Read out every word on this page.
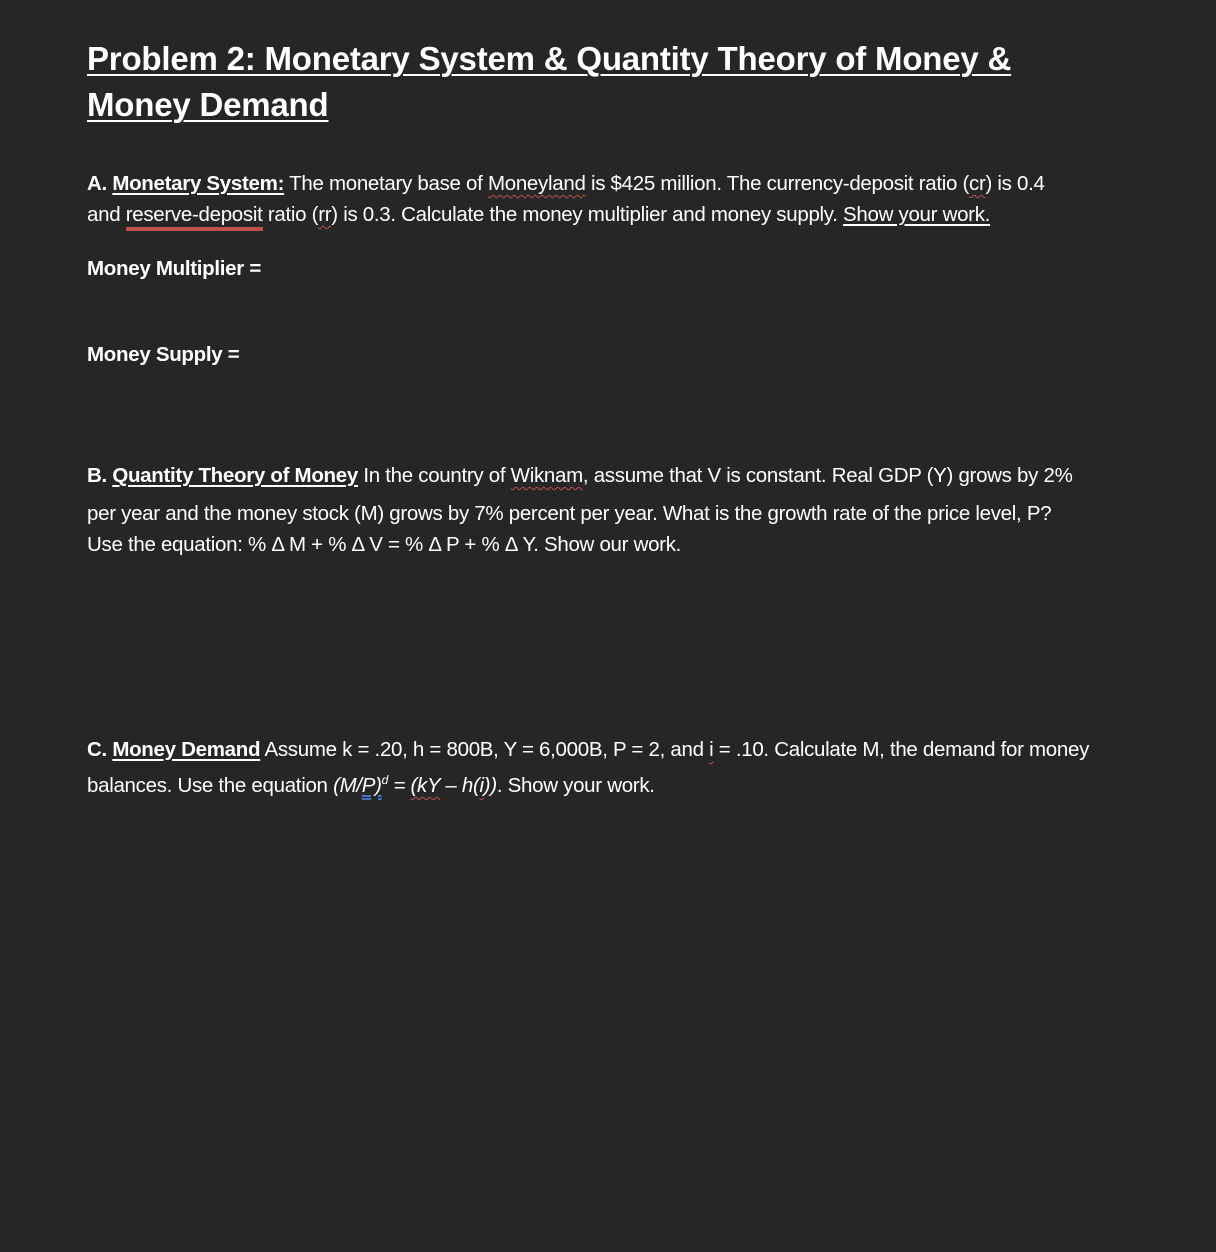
Problem 2: Monetary System & Quantity Theory of Money &
Money Demand

A. Monetary System: The monetary base of Moneyland is $425 million. The currency-deposit ratio (cr) is 0.4
and reserve-deposit ratio (rr) is 0.3. Calculate the money multiplier and money supply. Show your work.

Money Multiplier =

Money Supply =

B. Quantity Theory of Money In the country of Wiknam, assume that V is constant. Real GDP (Y) grows by 2%
per year and the money stock (M) grows by 7% percent per year. What is the growth rate of the price level, P?
Use the equation: % Δ M + % Δ V = % Δ P + % Δ Y. Show our work.

C. Money Demand Assume k = .20, h = 800B, Y = 6,000B, P = 2, and i = .10. Calculate M, the demand for money
balances. Use the equation $(M/P)^d = (kY - h(i))$. Show your work.
